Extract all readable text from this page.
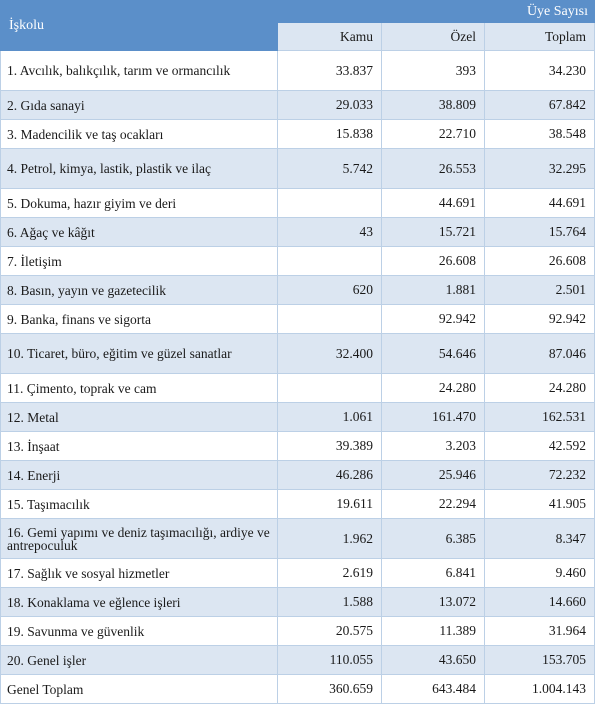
İşkolu	Üye Sayısı		
	Kamu	Özel	Toplam
1. Avcılık, balıkçılık, tarım ve ormancılık	33.837	393	34.230
2. Gıda sanayi	29.033	38.809	67.842
3. Madencilik ve taş ocakları	15.838	22.710	38.548
4. Petrol, kimya, lastik, plastik ve ilaç	5.742	26.553	32.295
5. Dokuma, hazır giyim ve deri		44.691	44.691
6. Ağaç ve kâğıt	43	15.721	15.764
7. İletişim		26.608	26.608
8. Basın, yayın ve gazetecilik	620	1.881	2.501
9. Banka, finans ve sigorta		92.942	92.942
10. Ticaret, büro, eğitim ve güzel sanatlar	32.400	54.646	87.046
11. Çimento, toprak ve cam		24.280	24.280
12. Metal	1.061	161.470	162.531
13. İnşaat	39.389	3.203	42.592
14. Enerji	46.286	25.946	72.232
15. Taşımacılık	19.611	22.294	41.905
16. Gemi yapımı ve deniz taşımacılığı, ardiye ve antrepoculuk	1.962	6.385	8.347
17. Sağlık ve sosyal hizmetler	2.619	6.841	9.460
18. Konaklama ve eğlence işleri	1.588	13.072	14.660
19. Savunma ve güvenlik	20.575	11.389	31.964
20. Genel işler	110.055	43.650	153.705
Genel Toplam	360.659	643.484	1.004.143
